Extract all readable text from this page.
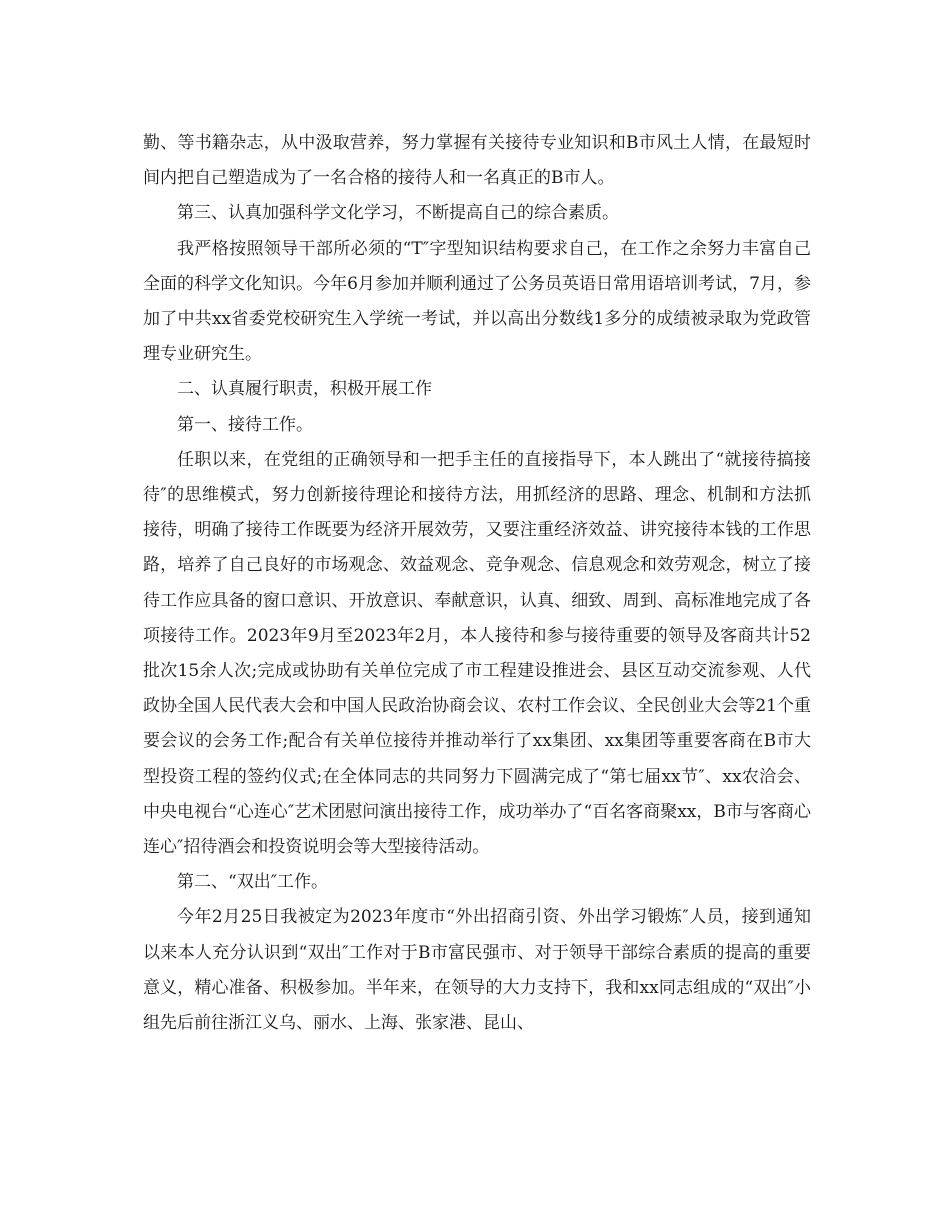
勤、等书籍杂志，从中汲取营养，努力掌握有关接待专业知识和B市风土人情，在最短时间内把自己塑造成为了一名合格的接待人和一名真正的B市人。

第三、认真加强科学文化学习，不断提高自己的综合素质。

我严格按照领导干部所必须的“T″字型知识结构要求自己，在工作之余努力丰富自己全面的科学文化知识。今年6月参加并顺利通过了公务员英语日常用语培训考试，7月，参加了中共xx省委党校研究生入学统一考试，并以高出分数线1多分的成绩被录取为党政管理专业研究生。

二、认真履行职责，积极开展工作

第一、接待工作。

任职以来，在党组的正确领导和一把手主任的直接指导下，本人跳出了“就接待搞接待″的思维模式，努力创新接待理论和接待方法，用抓经济的思路、理念、机制和方法抓接待，明确了接待工作既要为经济开展效劳，又要注重经济效益、讲究接待本钱的工作思路，培养了自己良好的市场观念、效益观念、竞争观念、信息观念和效劳观念，树立了接待工作应具备的窗口意识、开放意识、奉献意识，认真、细致、周到、高标准地完成了各项接待工作。2023年9月至2023年2月，本人接待和参与接待重要的领导及客商共计52批次15余人次;完成或协助有关单位完成了市工程建设推进会、县区互动交流参观、人代政协全国人民代表大会和中国人民政治协商会议、农村工作会议、全民创业大会等21个重要会议的会务工作;配合有关单位接待并推动举行了xx集团、xx集团等重要客商在B市大型投资工程的签约仪式;在全体同志的共同努力下圆满完成了“第七届xx节″、xx农洽会、中央电视台“心连心″艺术团慰问演出接待工作，成功举办了“百名客商聚xx，B市与客商心连心″招待酒会和投资说明会等大型接待活动。

第二、“双出″工作。

今年2月25日我被定为2023年度市“外出招商引资、外出学习锻炼″人员，接到通知以来本人充分认识到“双出″工作对于B市富民强市、对于领导干部综合素质的提高的重要意义，精心准备、积极参加。半年来，在领导的大力支持下，我和xx同志组成的“双出″小组先后前往浙江义乌、丽水、上海、张家港、昆山、
